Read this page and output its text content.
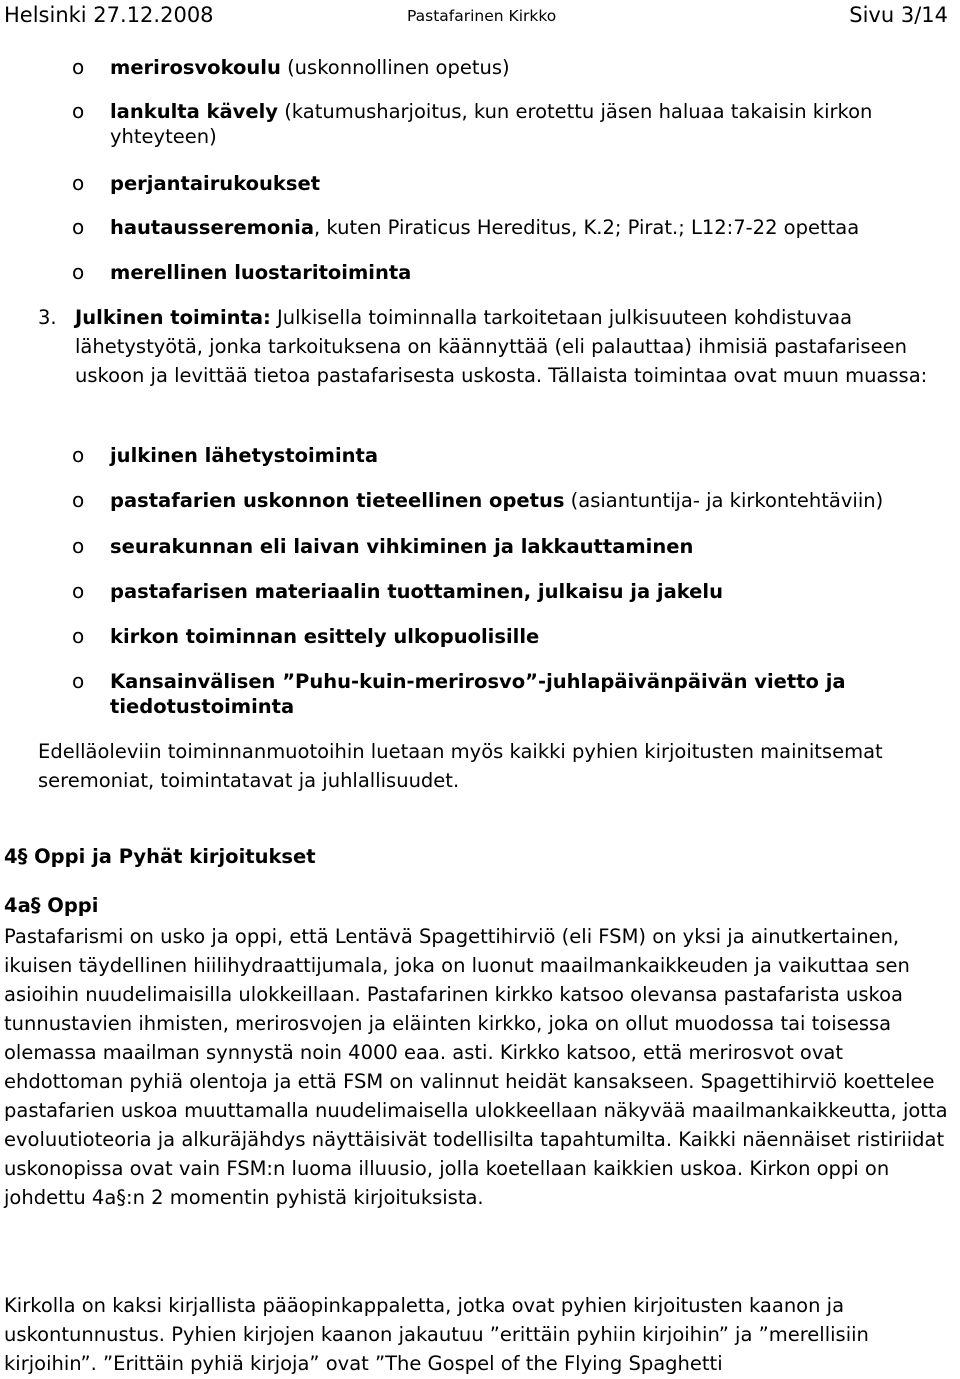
Helsinki 27.12.2008	Pastafarinen Kirkko	Sivu 3/14
o merirosvokoulu (uskonnollinen opetus)
o lankulta kävely (katumusharjoitus, kun erotettu jäsen haluaa takaisin kirkon yhteyteen)
o perjantairukoukset
o hautausseremonia, kuten Piraticus Hereditus, K.2; Pirat.; L12:7-22 opettaa
o merellinen luostaritoiminta
3. Julkinen toiminta: Julkisella toiminnalla tarkoitetaan julkisuuteen kohdistuvaa lähetystyötä, jonka tarkoituksena on käännyttää (eli palauttaa) ihmisiä pastafariseen uskoon ja levittää tietoa pastafarisesta uskosta. Tällaista toimintaa ovat muun muassa:
o julkinen lähetystoiminta
o pastafarien uskonnon tieteellinen opetus (asiantuntija- ja kirkontehtäviin)
o seurakunnan eli laivan vihkiminen ja lakkauttaminen
o pastafarisen materiaalin tuottaminen, julkaisu ja jakelu
o kirkon toiminnan esittely ulkopuolisille
o Kansainvälisen ”Puhu-kuin-merirosvo”-juhlapäivänpäivän vietto ja tiedotustoiminta
Edelläoleviin toiminnanmuotoihin luetaan myös kaikki pyhien kirjoitusten mainitsemat seremoniat, toimintatavat ja juhlallisuudet.
4§ Oppi ja Pyhät kirjoitukset
4a§ Oppi
Pastafarismi on usko ja oppi, että Lentävä Spagettihirviö (eli FSM) on yksi ja ainutkertainen, ikuisen täydellinen hiilihydraattijumala, joka on luonut maailmankaikkeuden ja vaikuttaa sen asioihin nuudelimaisilla ulokkeillaan. Pastafarinen kirkko katsoo olevansa pastafarista uskoa tunnustavien ihmisten, merirosvojen ja eläinten kirkko, joka on ollut muodossa tai toisessa olemassa maailman synnystä noin 4000 eaa. asti. Kirkko katsoo, että merirosvot ovat ehdottoman pyhiä olentoja ja että FSM on valinnut heidät kansakseen. Spagettihirviö koettelee pastafarien uskoa muuttamalla nuudelimaisella ulokkeellaan näkyvää maailmankaikkeutta, jotta evoluutioteoria ja alkuräjähdys näyttäisivät todellisilta tapahtumilta. Kaikki näennäiset ristiriidat uskonopissa ovat vain FSM:n luoma illuusio, jolla koetellaan kaikkien uskoa. Kirkon oppi on johdettu 4a§:n 2 momentin pyhistä kirjoituksista.
Kirkolla on kaksi kirjallista pääopinkappaletta, jotka ovat pyhien kirjoitusten kaanon ja uskontunnustus. Pyhien kirjojen kaanon jakautuu ”erittäin pyhiin kirjoihin” ja ”merellisiin kirjoihin”. ”Erittäin pyhiä kirjoja” ovat ”The Gospel of the Flying Spaghetti
